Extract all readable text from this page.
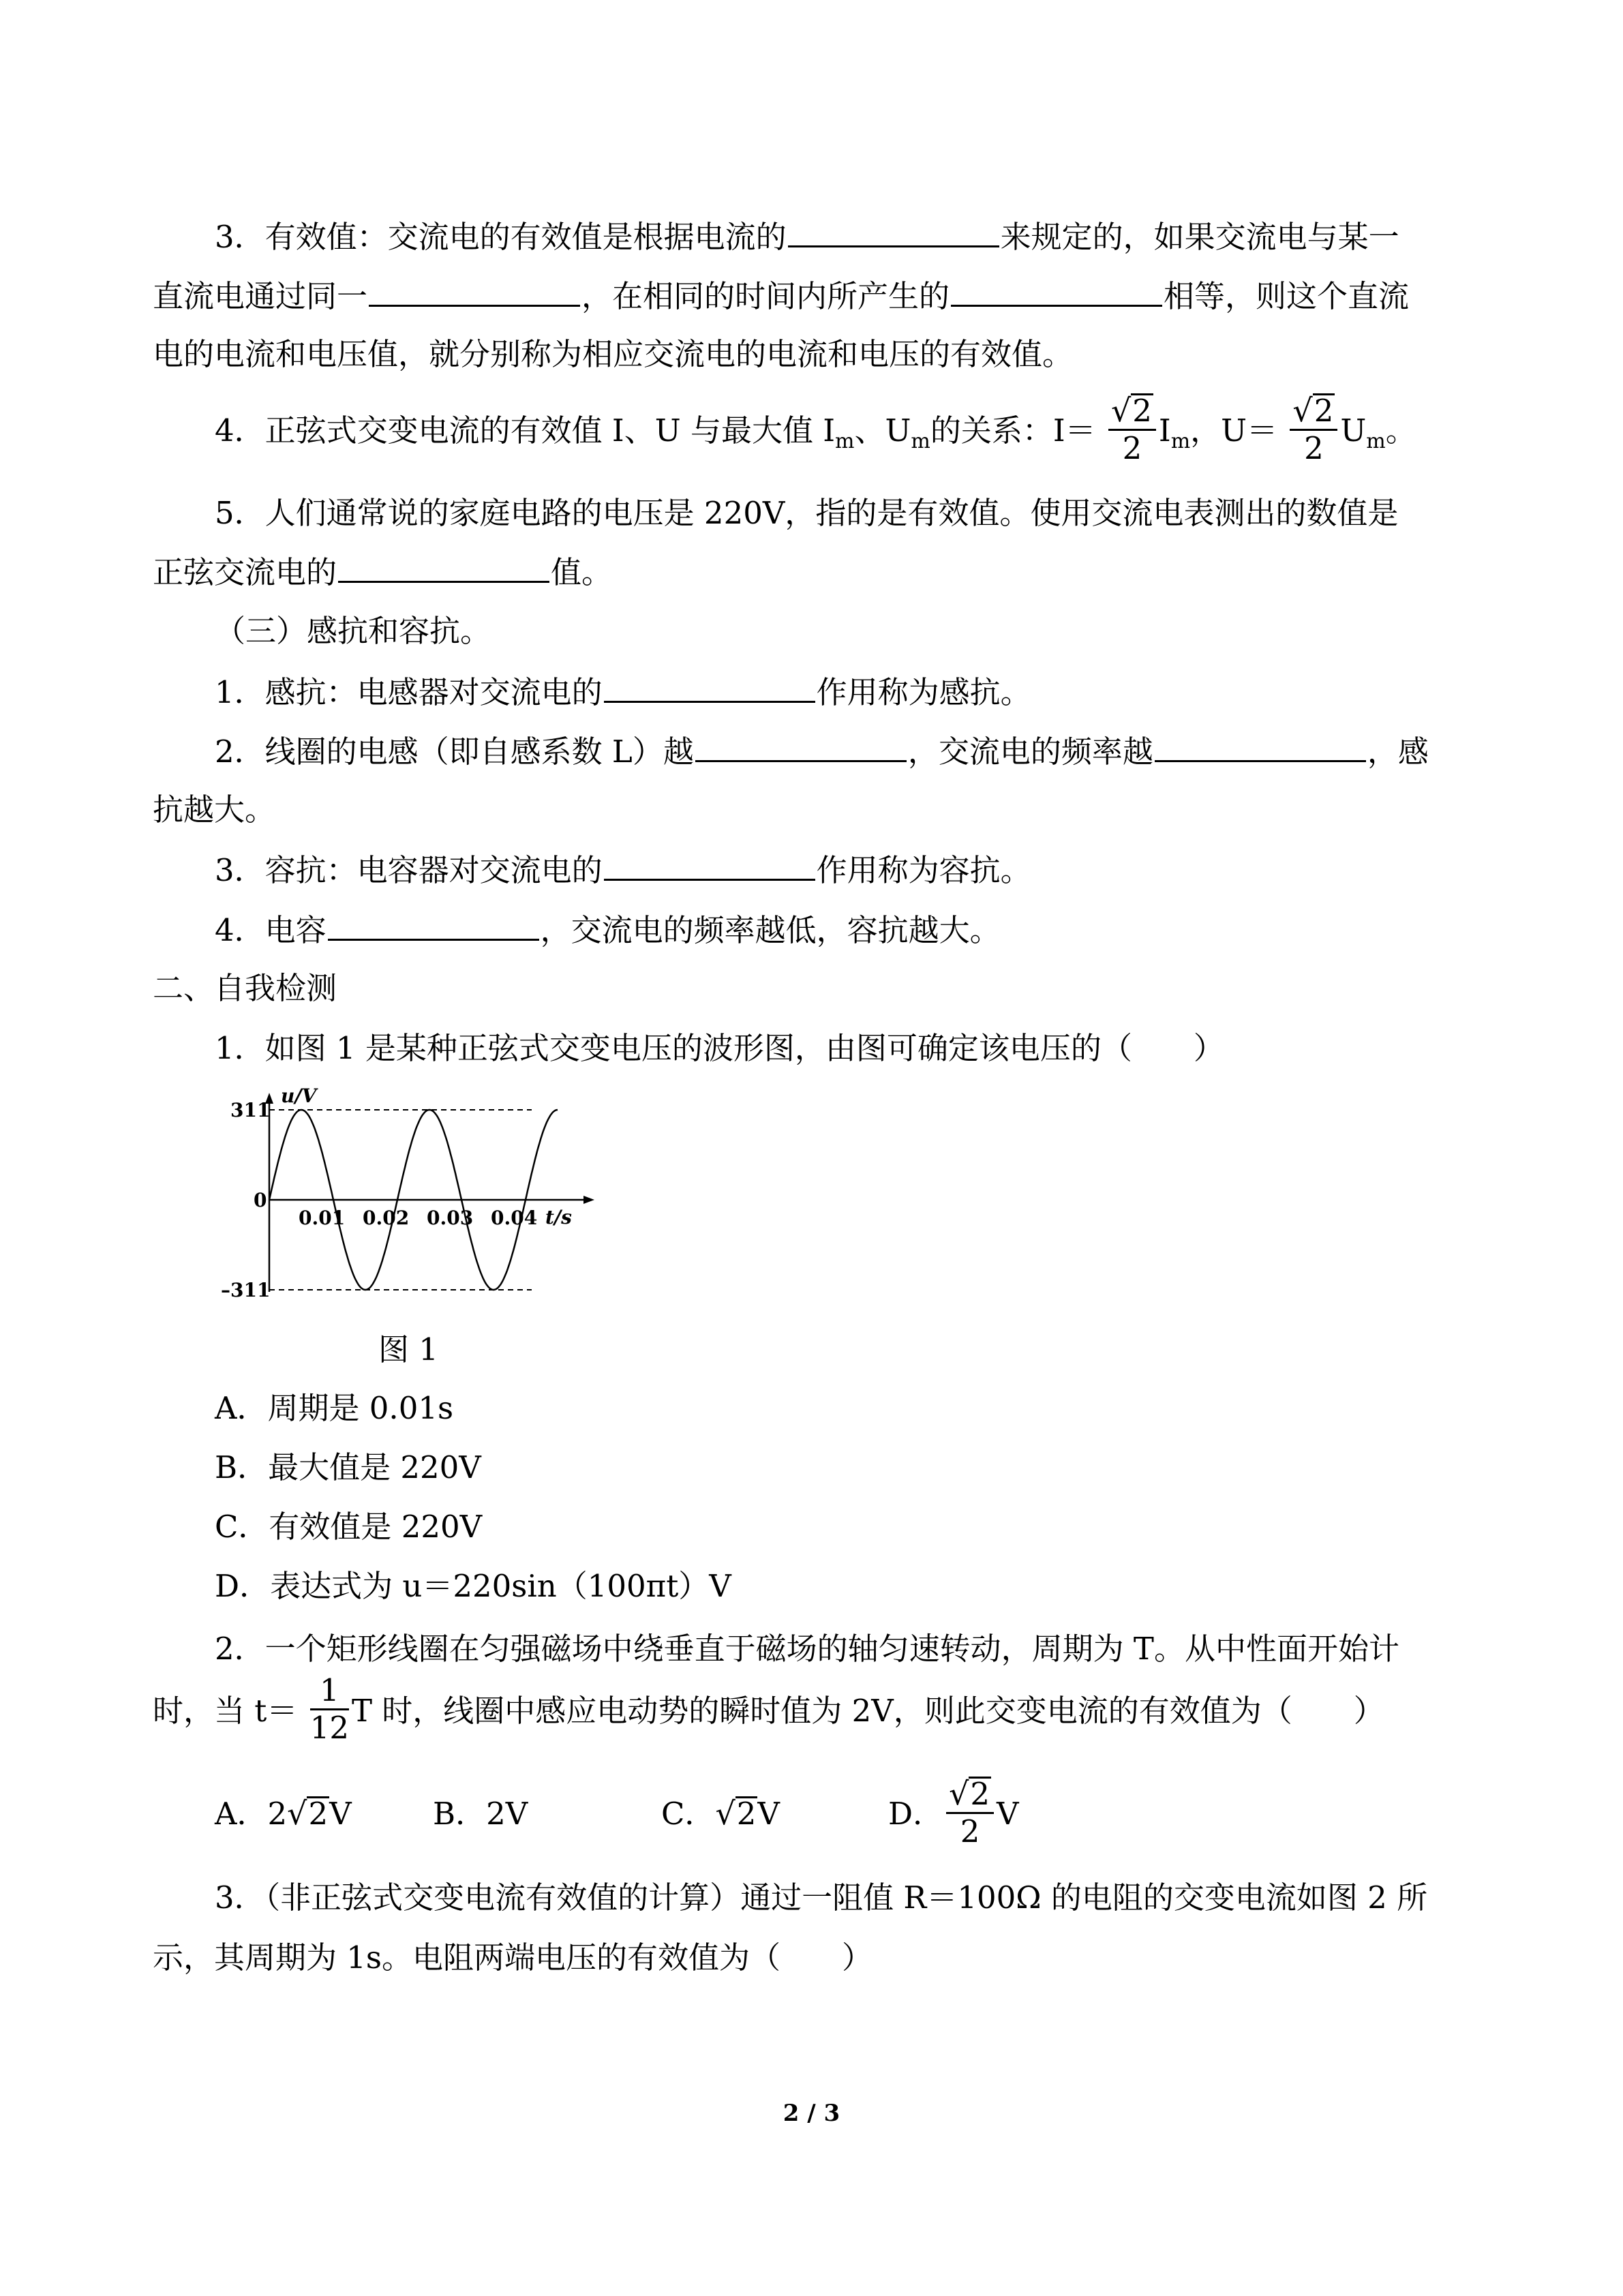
3．有效值：交流电的有效值是根据电流的	来规定的，如果交流电与某一
直流电通过同一	，在相同的时间内所产生的	相等，则这个直流
电的电流和电压值，就分别称为相应交流电的电流和电压的有效值。
4．正弦式交变电流的有效值 I、U 与最大值 $I_m$、$U_m$的关系：$I= \frac{√2}{2} I_m$，$U= \frac{√2}{2} U_m$。
5．人们通常说的家庭电路的电压是 220V，指的是有效值。使用交流电表测出的数值是
正弦交流电的	值。
（三）感抗和容抗。
1．感抗：电感器对交流电的	作用称为感抗。
2．线圈的电感（即自感系数 L）越	，交流电的频率越	，感
抗越大。
3．容抗：电容器对交流电的	作用称为容抗。
4．电容	，交流电的频率越低，容抗越大。
二、自我检测
1．如图 1 是某种正弦式交变电压的波形图，由图可确定该电压的（　　）
u/V
t/s
311
0
–311
0.01 0.02 0.03 0.04
图 1
A．周期是 0.01s
B．最大值是 220V
C．有效值是 220V
D．表达式为 u＝220sin（100πt）V
2．一个矩形线圈在匀强磁场中绕垂直于磁场的轴匀速转动，周期为 T。从中性面开始计
时，当 $t= \frac{1}{12}$ T 时，线圈中感应电动势的瞬时值为 2V，则此交变电流的有效值为（　　）
A．2√2V	B．2V	C．√2V	D． $\frac{√2}{2}$ V
3．（非正弦式交变电流有效值的计算）通过一阻值 R＝100Ω 的电阻的交变电流如图 2 所
示，其周期为 1s。电阻两端电压的有效值为（　　）
2 / 3
